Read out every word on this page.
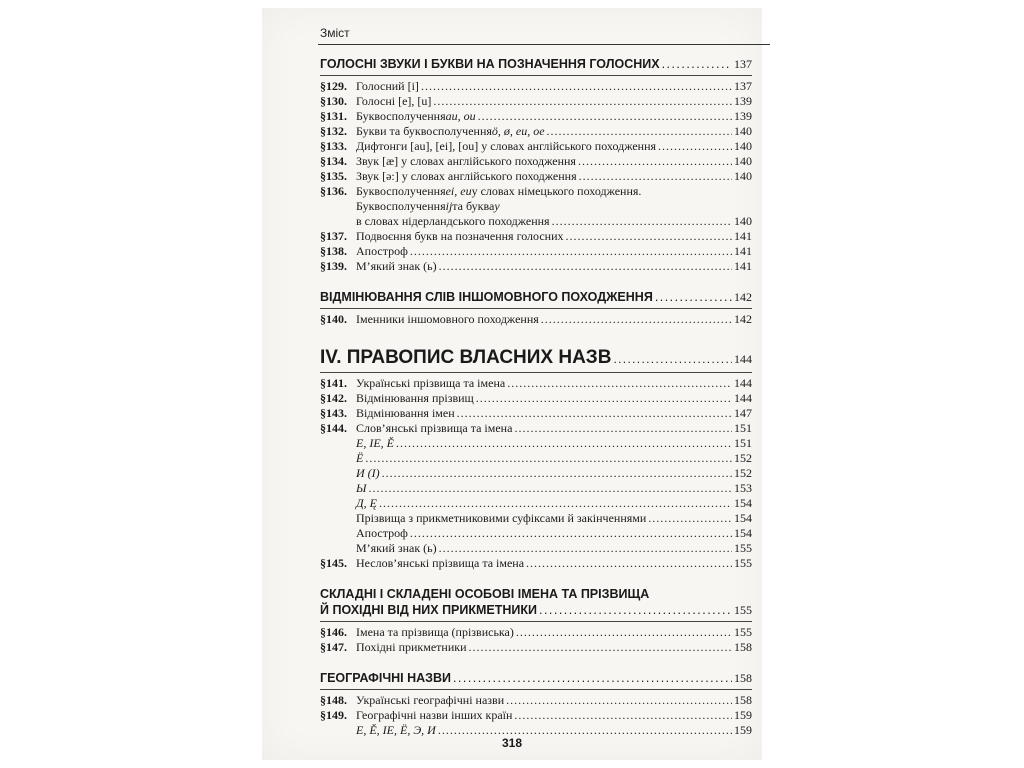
Зміст
ГОЛОСНІ ЗВУКИ І БУКВИ НА ПОЗНАЧЕННЯ ГОЛОСНИХ . . .	137
§129. Голосний [і] . . .	137
§130. Голосні [е], [u] . . .	139
§131. Буквосполучення au, ou . . .	139
§132. Букви та буквосполучення ö, ø, eu, oe . . .	140
§133. Дифтонги [au], [ei], [ou] у словах англійського походження . . .	140
§134. Звук [æ] у словах англійського походження . . .	140
§135. Звук [ə:] у словах англійського походження . . .	140
§136. Буквосполучення ei, eu у словах німецького походження.
Буквосполучення ij та буква y
в словах нідерландського походження . . .	140
§137. Подвоєння букв на позначення голосних . . .	141
§138. Апостроф . . .	141
§139. М’який знак (ь) . . .	141
ВІДМІНЮВАННЯ СЛІВ ІНШОМОВНОГО ПОХОДЖЕННЯ . . .	142
§140. Іменники іншомовного походження . . .	142
IV. ПРАВОПИС ВЛАСНИХ НАЗВ . . .	144
§141. Українські прізвища та імена . . .	144
§142. Відмінювання прізвищ . . .	144
§143. Відмінювання імен . . .	147
§144. Слов’янські прізвища та імена . . .	151
E, IE, Ě . . .	151
Ë . . .	152
И (I) . . .	152
Ы . . .	153
Д, Ę . . .	154
Прізвища з прикметниковими суфіксами й закінченнями . . .	154
Апостроф . . .	154
М’який знак (ь) . . .	155
§145. Неслов’янські прізвища та імена . . .	155
СКЛАДНІ І СКЛАДЕНІ ОСОБОВІ ІМЕНА ТА ПРІЗВИЩА
Й ПОХІДНІ ВІД НИХ ПРИКМЕТНИКИ . . .	155
§146. Імена та прізвища (прізвиська) . . .	155
§147. Похідні прикметники . . .	158
ГЕОГРАФІЧНІ НАЗВИ . . .	158
§148. Українські географічні назви . . .	158
§149. Географічні назви інших країн . . .	159
Е, Ě, IE, Ë, Э, И . . .	159
318
